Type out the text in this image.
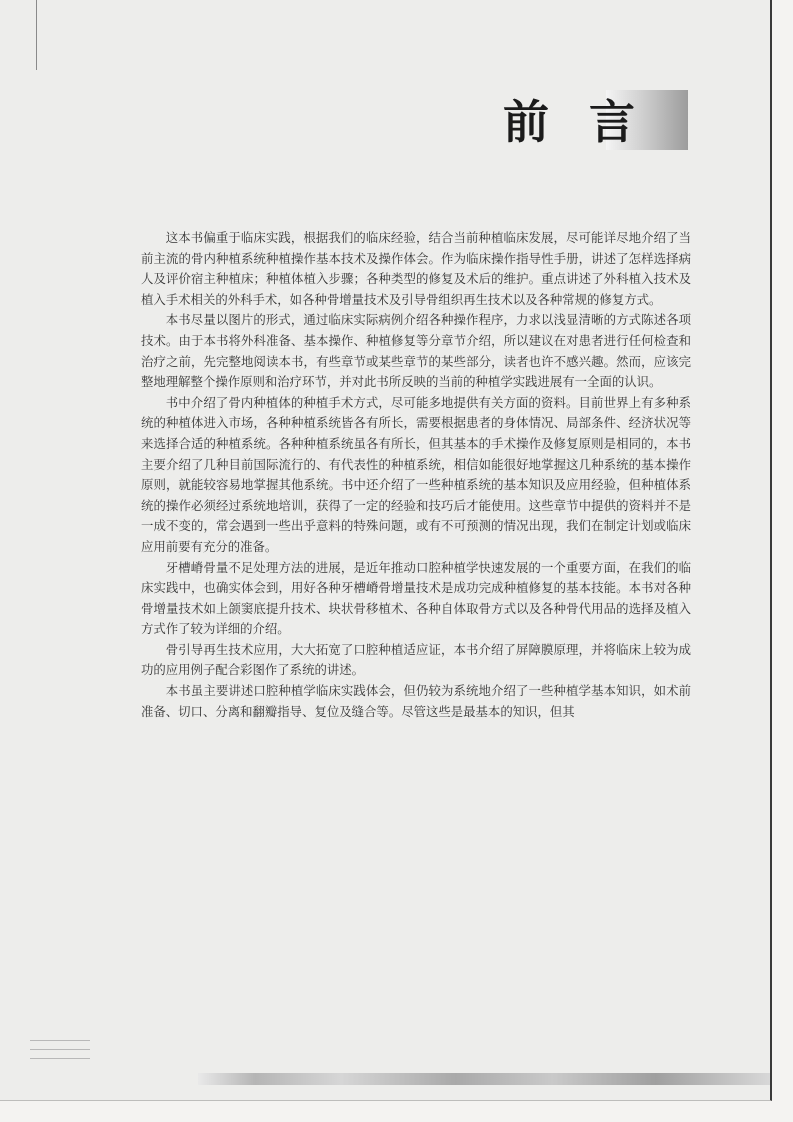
前言

这本书偏重于临床实践，根据我们的临床经验，结合当前种植临床发展，尽可能详尽地介绍了当前主流的骨内种植系统种植操作基本技术及操作体会。作为临床操作指导性手册，讲述了怎样选择病人及评价宿主种植床；种植体植入步骤；各种类型的修复及术后的维护。重点讲述了外科植入技术及植入手术相关的外科手术，如各种骨增量技术及引导骨组织再生技术以及各种常规的修复方式。

本书尽量以图片的形式，通过临床实际病例介绍各种操作程序，力求以浅显清晰的方式陈述各项技术。由于本书将外科准备、基本操作、种植修复等分章节介绍，所以建议在对患者进行任何检查和治疗之前，先完整地阅读本书，有些章节或某些章节的某些部分，读者也许不感兴趣。然而，应该完整地理解整个操作原则和治疗环节，并对此书所反映的当前的种植学实践进展有一全面的认识。

书中介绍了骨内种植体的种植手术方式，尽可能多地提供有关方面的资料。目前世界上有多种系统的种植体进入市场，各种种植系统皆各有所长，需要根据患者的身体情况、局部条件、经济状况等来选择合适的种植系统。各种种植系统虽各有所长，但其基本的手术操作及修复原则是相同的，本书主要介绍了几种目前国际流行的、有代表性的种植系统，相信如能很好地掌握这几种系统的基本操作原则，就能较容易地掌握其他系统。书中还介绍了一些种植系统的基本知识及应用经验，但种植体系统的操作必须经过系统地培训，获得了一定的经验和技巧后才能使用。这些章节中提供的资料并不是一成不变的，常会遇到一些出乎意料的特殊问题，或有不可预测的情况出现，我们在制定计划或临床应用前要有充分的准备。

牙槽嵴骨量不足处理方法的进展，是近年推动口腔种植学快速发展的一个重要方面，在我们的临床实践中，也确实体会到，用好各种牙槽嵴骨增量技术是成功完成种植修复的基本技能。本书对各种骨增量技术如上颌窦底提升技术、块状骨移植术、各种自体取骨方式以及各种骨代用品的选择及植入方式作了较为详细的介绍。

骨引导再生技术应用，大大拓宽了口腔种植适应证，本书介绍了屏障膜原理，并将临床上较为成功的应用例子配合彩图作了系统的讲述。

本书虽主要讲述口腔种植学临床实践体会，但仍较为系统地介绍了一些种植学基本知识，如术前准备、切口、分离和翻瓣指导、复位及缝合等。尽管这些是最基本的知识，但其
